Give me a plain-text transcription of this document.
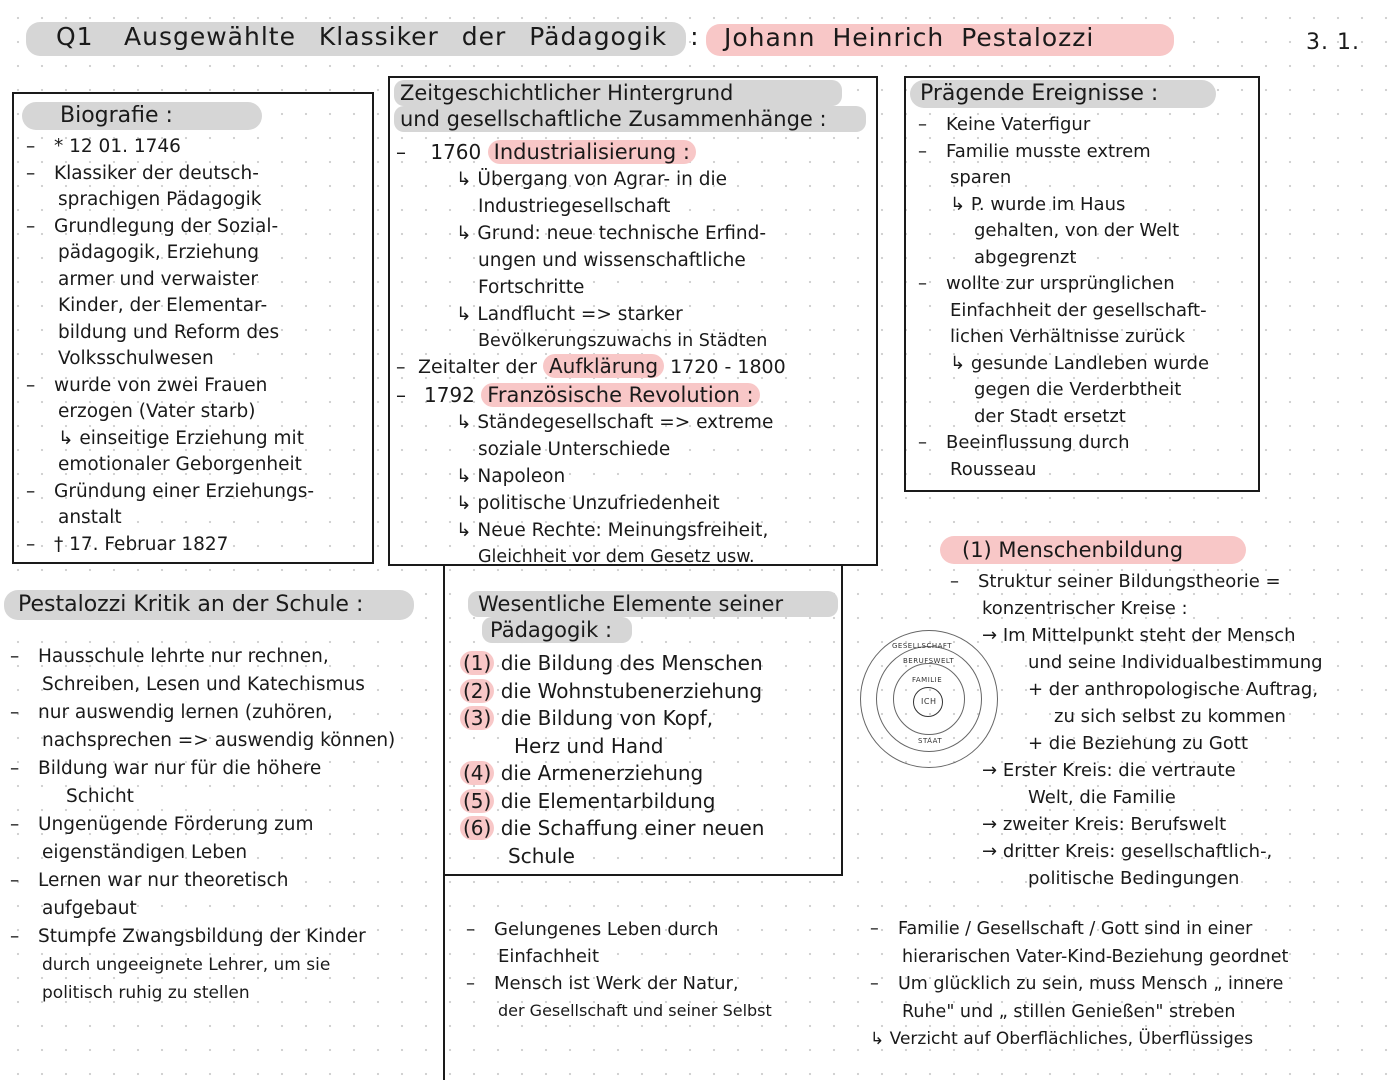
Q1 Ausgewählte Klassiker der Pädagogik : Johann Heinrich Pestalozzi	3. 1.
Biografie :
– * 12 01. 1746
– Klassiker der deutsch-
sprachigen Pädagogik
– Grundlegung der Sozial-
pädagogik, Erziehung
armer und verwaister
Kinder, der Elementar-
bildung und Reform des
Volksschulwesen
– wurde von zwei Frauen
erzogen (Vater starb)
↳ einseitige Erziehung mit
emotionaler Geborgenheit
– Gründung einer Erziehungs-
anstalt
– † 17. Februar 1827
Zeitgeschichtlicher Hintergrund
und gesellschaftliche Zusammenhänge :
– 1760 Industrialisierung :
↳ Übergang von Agrar- in die
Industriegesellschaft
↳ Grund: neue technische Erfind-
ungen und wissenschaftliche
Fortschritte
↳ Landflucht => starker
Bevölkerungszuwachs in Städten
– Zeitalter der Aufklärung 1720 - 1800
– 1792 Französische Revolution :
↳ Ständegesellschaft => extreme
soziale Unterschiede
↳ Napoleon
↳ politische Unzufriedenheit
↳ Neue Rechte: Meinungsfreiheit,
Gleichheit vor dem Gesetz usw.
Prägende Ereignisse :
– Keine Vaterfigur
– Familie musste extrem
sparen
↳ P. wurde im Haus
gehalten, von der Welt
abgegrenzt
– wollte zur ursprünglichen
Einfachheit der gesellschaft-
lichen Verhältnisse zurück
↳ gesunde Landleben wurde
gegen die Verderbtheit
der Stadt ersetzt
– Beeinflussung durch
Rousseau
Pestalozzi Kritik an der Schule :
– Hausschule lehrte nur rechnen,
Schreiben, Lesen und Katechismus
– nur auswendig lernen (zuhören,
nachsprechen => auswendig können)
– Bildung war nur für die höhere
Schicht
– Ungenügende Förderung zum
eigenständigen Leben
– Lernen war nur theoretisch
aufgebaut
– Stumpfe Zwangsbildung der Kinder
durch ungeeignete Lehrer, um sie
politisch ruhig zu stellen
Wesentliche Elemente seiner
Pädagogik :
(1) die Bildung des Menschen
(2) die Wohnstubenerziehung
(3) die Bildung von Kopf,
Herz und Hand
(4) die Armenerziehung
(5) die Elementarbildung
(6) die Schaffung einer neuen
Schule
– Gelungenes Leben durch
Einfachheit
– Mensch ist Werk der Natur,
der Gesellschaft und seiner Selbst
(1) Menschenbildung
GESELLSCHAFT
BERUFSWELT
FAMILIE
ICH
STAAT
– Struktur seiner Bildungstheorie =
konzentrischer Kreise :
→ Im Mittelpunkt steht der Mensch
und seine Individualbestimmung
+ der anthropologische Auftrag,
zu sich selbst zu kommen
+ die Beziehung zu Gott
→ Erster Kreis: die vertraute
Welt, die Familie
→ zweiter Kreis: Berufswelt
→ dritter Kreis: gesellschaftlich-,
politische Bedingungen
– Familie / Gesellschaft / Gott sind in einer
hierarischen Vater-Kind-Beziehung geordnet
– Um glücklich zu sein, muss Mensch „ innere
Ruhe" und „ stillen Genießen" streben
↳ Verzicht auf Oberflächliches, Überflüssiges
